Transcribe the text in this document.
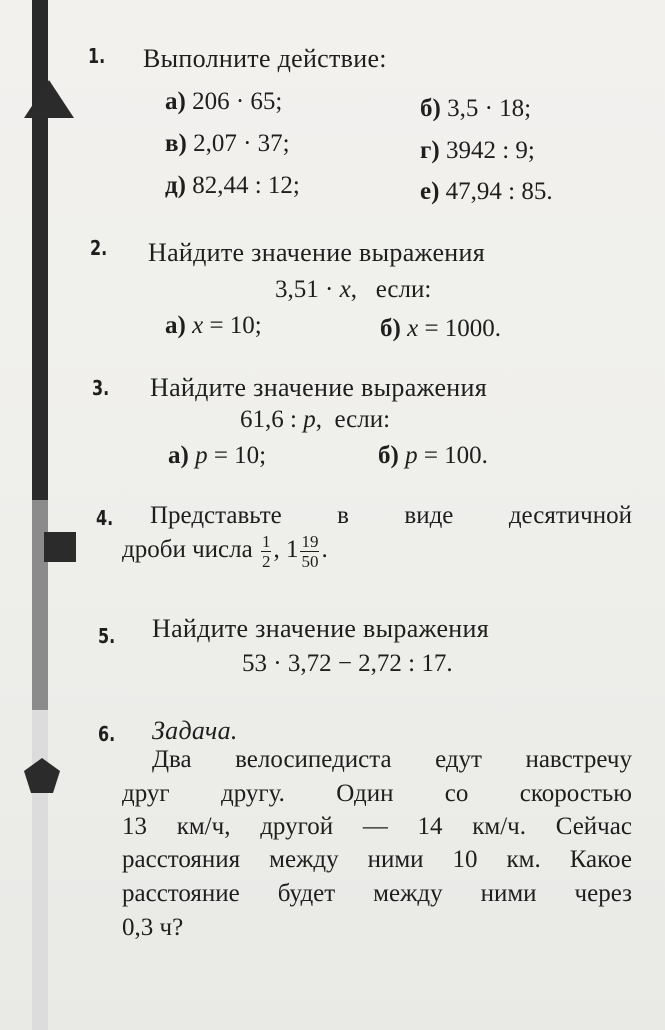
1. Выполните действие:
а) 206 · 65;	б) 3,5 · 18;
в) 2,07 · 37;	г) 3942 : 9;
д) 82,44 : 12;	е) 47,94 : 85.
2. Найдите значение выражения
3,51 · x, если:
а) x = 10;	б) x = 1000.
3. Найдите значение выражения
61,6 : p, если:
а) p = 10;	б) p = 100.
4. Представьте в виде десятичной
дроби числа $\frac{1}{2}$ , $1 \frac{19}{50}$ .
5. Найдите значение выражения
53 · 3,72 − 2,72 : 17.
6. Задача.
Два велосипедиста едут навстречу
друг другу. Один со скоростью
13 км/ч, другой — 14 км/ч. Сейчас
расстояния между ними 10 км. Какое
расстояние будет между ними через
0,3 ч?
